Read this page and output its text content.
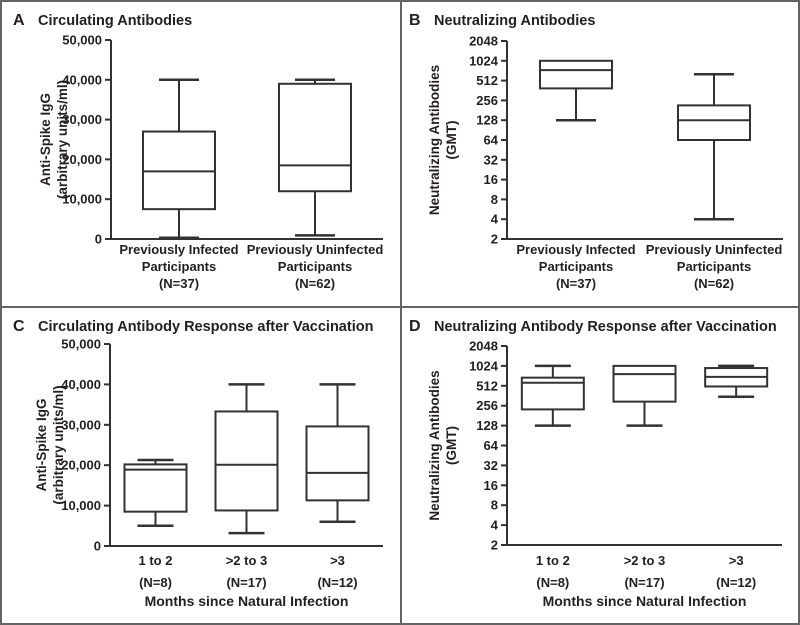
A Circulating Antibodies
50,000
40,000
30,000
20,000
10,000
0
Anti-Spike IgG (arbitrary units/ml)
Previously Infected
Participants
(N=37)
Previously Uninfected
Participants
(N=62)
B Neutralizing Antibodies
2048
1024
512
256
128
64
32
16
8
4
2
Neutralizing Antibodies (GMT)
Previously Infected
Participants
(N=37)
Previously Uninfected
Participants
(N=62)
C Circulating Antibody Response after Vaccination
50,000
40,000
30,000
20,000
10,000
0
Anti-Spike IgG (arbitrary units/ml)
1 to 2
(N=8)
>2 to 3
(N=17)
>3
(N=12)
Months since Natural Infection
D Neutralizing Antibody Response after Vaccination
2048
1024
512
256
128
64
32
16
8
4
2
Neutralizing Antibodies (GMT)
1 to 2
(N=8)
>2 to 3
(N=17)
>3
(N=12)
Months since Natural Infection
